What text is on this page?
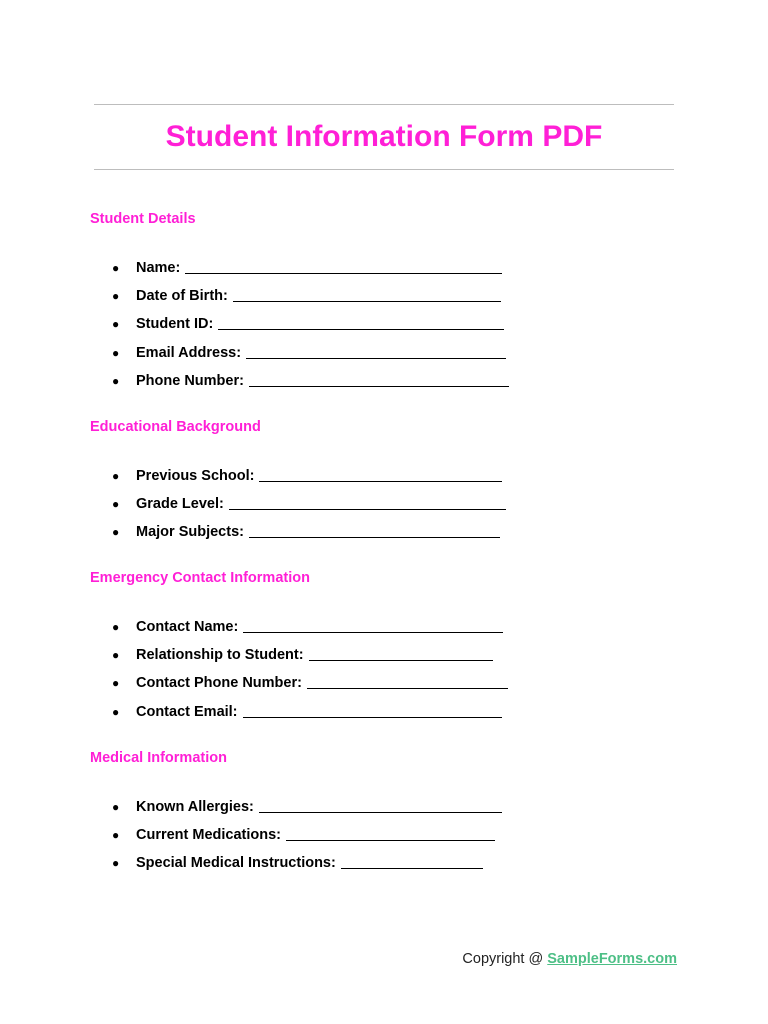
Student Information Form PDF
Student Details
●	Name:
●	Date of Birth:
●	Student ID:
●	Email Address:
●	Phone Number:
Educational Background
●	Previous School:
●	Grade Level:
●	Major Subjects:
Emergency Contact Information
●	Contact Name:
●	Relationship to Student:
●	Contact Phone Number:
●	Contact Email:
Medical Information
●	Known Allergies:
●	Current Medications:
●	Special Medical Instructions:
Copyright @ SampleForms.com
